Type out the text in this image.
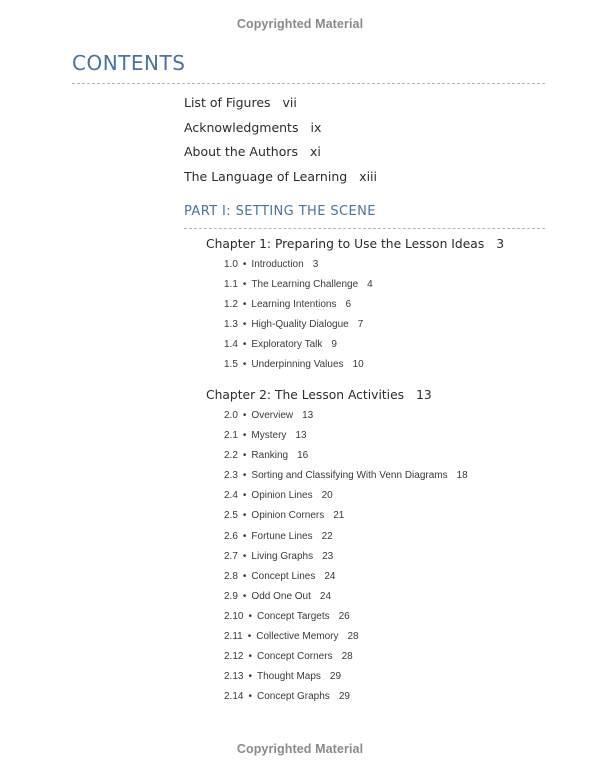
Copyrighted Material
CONTENTS
List of Figures vii
Acknowledgments ix
About the Authors xi
The Language of Learning xiii
PART I: SETTING THE SCENE
Chapter 1: Preparing to Use the Lesson Ideas 3
1.0 • Introduction 3
1.1 • The Learning Challenge 4
1.2 • Learning Intentions 6
1.3 • High-Quality Dialogue 7
1.4 • Exploratory Talk 9
1.5 • Underpinning Values 10
Chapter 2: The Lesson Activities 13
2.0 • Overview 13
2.1 • Mystery 13
2.2 • Ranking 16
2.3 • Sorting and Classifying With Venn Diagrams 18
2.4 • Opinion Lines 20
2.5 • Opinion Corners 21
2.6 • Fortune Lines 22
2.7 • Living Graphs 23
2.8 • Concept Lines 24
2.9 • Odd One Out 24
2.10 • Concept Targets 26
2.11 • Collective Memory 28
2.12 • Concept Corners 28
2.13 • Thought Maps 29
2.14 • Concept Graphs 29
Copyrighted Material
